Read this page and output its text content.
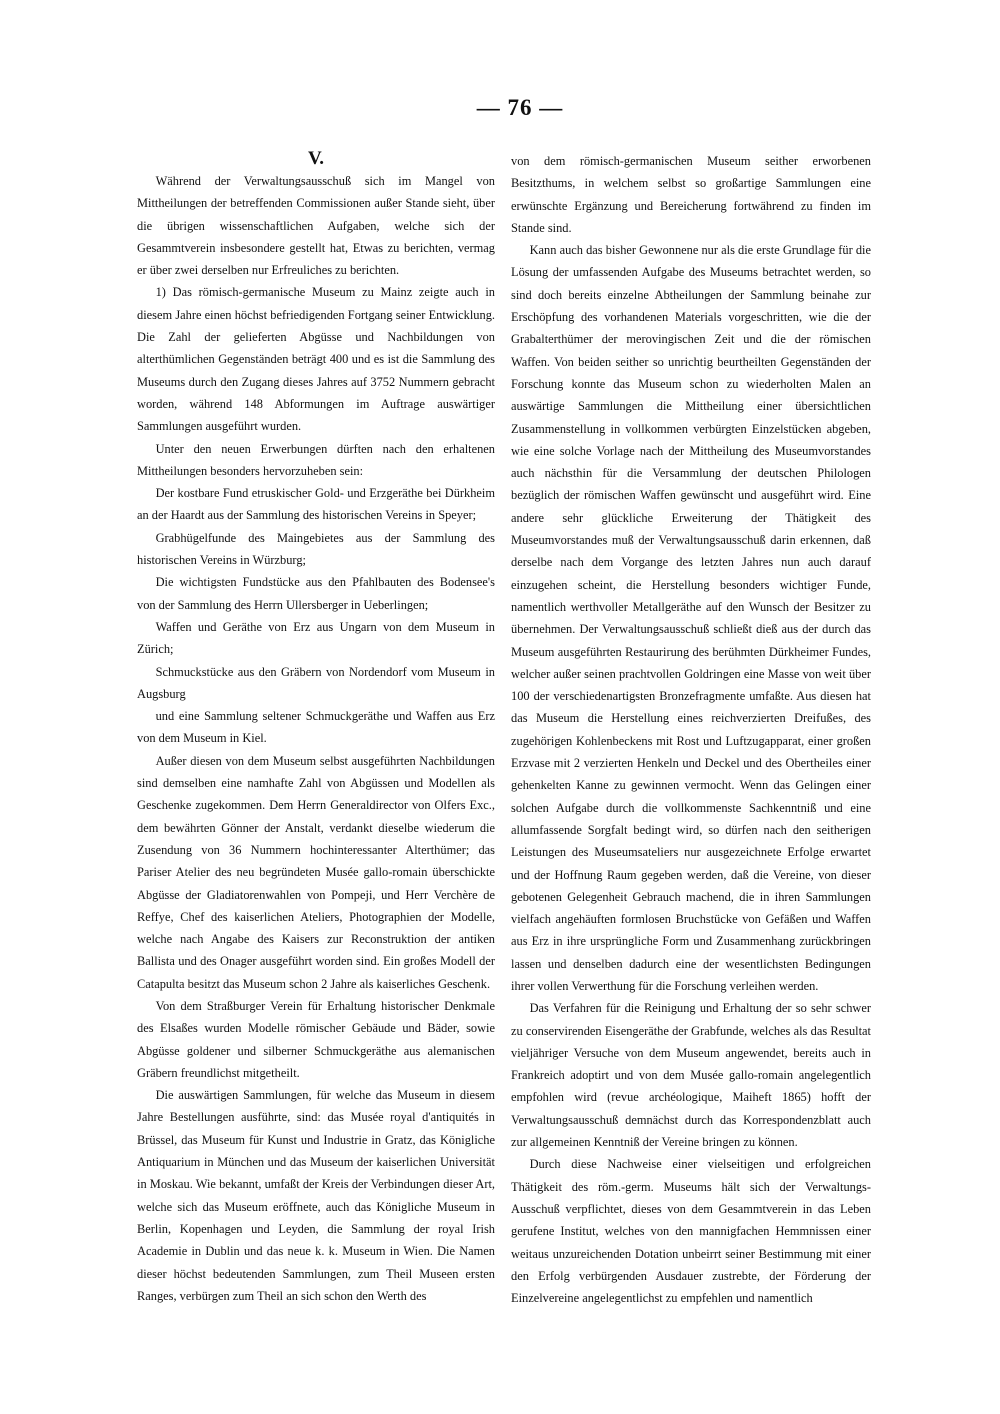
— 76 —
V.

Während der Verwaltungsausschuß sich im Mangel von Mittheilungen der betreffenden Commissionen außer Stande sieht, über die übrigen wissenschaftlichen Aufgaben, welche sich der Gesammtverein insbesondere gestellt hat, Etwas zu berichten, vermag er über zwei derselben nur Erfreuliches zu berichten.

1) Das römisch-germanische Museum zu Mainz zeigte auch in diesem Jahre einen höchst befriedigenden Fortgang seiner Entwicklung. Die Zahl der gelieferten Abgüsse und Nachbildungen von alterthümlichen Gegenständen beträgt 400 und es ist die Sammlung des Museums durch den Zugang dieses Jahres auf 3752 Nummern gebracht worden, während 148 Abformungen im Auftrage auswärtiger Sammlungen ausgeführt wurden.

Unter den neuen Erwerbungen dürften nach den erhaltenen Mittheilungen besonders hervorzuheben sein:

Der kostbare Fund etruskischer Gold- und Erzgeräthe bei Dürkheim an der Haardt aus der Sammlung des historischen Vereins in Speyer;

Grabhügelfunde des Maingebietes aus der Sammlung des historischen Vereins in Würzburg;

Die wichtigsten Fundstücke aus den Pfahlbauten des Bodensee's von der Sammlung des Herrn Ullersberger in Ueberlingen;

Waffen und Geräthe von Erz aus Ungarn von dem Museum in Zürich;

Schmuckstücke aus den Gräbern von Nordendorf vom Museum in Augsburg

und eine Sammlung seltener Schmuckgeräthe und Waffen aus Erz von dem Museum in Kiel.

Außer diesen von dem Museum selbst ausgeführten Nachbildungen sind demselben eine namhafte Zahl von Abgüssen und Modellen als Geschenke zugekommen. Dem Herrn Generaldirector von Olfers Exc., dem bewährten Gönner der Anstalt, verdankt dieselbe wiederum die Zusendung von 36 Nummern hochinteressanter Alterthümer; das Pariser Atelier des neu begründeten Musée gallo-romain überschickte Abgüsse der Gladiatorenwahlen von Pompeji, und Herr Verchère de Reffye, Chef des kaiserlichen Ateliers, Photographien der Modelle, welche nach Angabe des Kaisers zur Reconstruktion der antiken Ballista und des Onager ausgeführt worden sind. Ein großes Modell der Catapulta besitzt das Museum schon 2 Jahre als kaiserliches Geschenk.

Von dem Straßburger Verein für Erhaltung historischer Denkmale des Elsaßes wurden Modelle römischer Gebäude und Bäder, sowie Abgüsse goldener und silberner Schmuckgeräthe aus alemanischen Gräbern freundlichst mitgetheilt.

Die auswärtigen Sammlungen, für welche das Museum in diesem Jahre Bestellungen ausführte, sind: das Musée royal d'antiquités in Brüssel, das Museum für Kunst und Industrie in Gratz, das Königliche Antiquarium in München und das Museum der kaiserlichen Universität in Moskau. Wie bekannt, umfaßt der Kreis der Verbindungen dieser Art, welche sich das Museum eröffnete, auch das Königliche Museum in Berlin, Kopenhagen und Leyden, die Sammlung der royal Irish Academie in Dublin und das neue k. k. Museum in Wien. Die Namen dieser höchst bedeutenden Sammlungen, zum Theil Museen ersten Ranges, verbürgen zum Theil an sich schon den Werth des

von dem römisch-germanischen Museum seither erworbenen Besitzthums, in welchem selbst so großartige Sammlungen eine erwünschte Ergänzung und Bereicherung fortwährend zu finden im Stande sind.

Kann auch das bisher Gewonnene nur als die erste Grundlage für die Lösung der umfassenden Aufgabe des Museums betrachtet werden, so sind doch bereits einzelne Abtheilungen der Sammlung beinahe zur Erschöpfung des vorhandenen Materials vorgeschritten, wie die der Grabalterthümer der merovingischen Zeit und die der römischen Waffen. Von beiden seither so unrichtig beurtheilten Gegenständen der Forschung konnte das Museum schon zu wiederholten Malen an auswärtige Sammlungen die Mittheilung einer übersichtlichen Zusammenstellung in vollkommen verbürgten Einzelstücken abgeben, wie eine solche Vorlage nach der Mittheilung des Museumvorstandes auch nächsthin für die Versammlung der deutschen Philologen bezüglich der römischen Waffen gewünscht und ausgeführt wird. Eine andere sehr glückliche Erweiterung der Thätigkeit des Museumvorstandes muß der Verwaltungsausschuß darin erkennen, daß derselbe nach dem Vorgange des letzten Jahres nun auch darauf einzugehen scheint, die Herstellung besonders wichtiger Funde, namentlich werthvoller Metallgeräthe auf den Wunsch der Besitzer zu übernehmen. Der Verwaltungsausschuß schließt dieß aus der durch das Museum ausgeführten Restaurirung des berühmten Dürkheimer Fundes, welcher außer seinen prachtvollen Goldringen eine Masse von weit über 100 der verschiedenartigsten Bronzefragmente umfaßte. Aus diesen hat das Museum die Herstellung eines reichverzierten Dreifußes, des zugehörigen Kohlenbeckens mit Rost und Luftzugapparat, einer großen Erzvase mit 2 verzierten Henkeln und Deckel und des Obertheiles einer gehenkelten Kanne zu gewinnen vermocht. Wenn das Gelingen einer solchen Aufgabe durch die vollkommenste Sachkenntniß und eine allumfassende Sorgfalt bedingt wird, so dürfen nach den seitherigen Leistungen des Museumsateliers nur ausgezeichnete Erfolge erwartet und der Hoffnung Raum gegeben werden, daß die Vereine, von dieser gebotenen Gelegenheit Gebrauch machend, die in ihren Sammlungen vielfach angehäuften formlosen Bruchstücke von Gefäßen und Waffen aus Erz in ihre ursprüngliche Form und Zusammenhang zurückbringen lassen und denselben dadurch eine der wesentlichsten Bedingungen ihrer vollen Verwerthung für die Forschung verleihen werden.

Das Verfahren für die Reinigung und Erhaltung der so sehr schwer zu conservirenden Eisengeräthe der Grabfunde, welches als das Resultat vieljähriger Versuche von dem Museum angewendet, bereits auch in Frankreich adoptirt und von dem Musée gallo-romain angelegentlich empfohlen wird (revue archéologique, Maiheft 1865) hofft der Verwaltungsausschuß demnächst durch das Korrespondenzblatt auch zur allgemeinen Kenntniß der Vereine bringen zu können.

Durch diese Nachweise einer vielseitigen und erfolgreichen Thätigkeit des röm.-germ. Museums hält sich der Verwaltungs-Ausschuß verpflichtet, dieses von dem Gesammtverein in das Leben gerufene Institut, welches von den mannigfachen Hemmnissen einer weitaus unzureichenden Dotation unbeirrt seiner Bestimmung mit einer den Erfolg verbürgenden Ausdauer zustrebte, der Förderung der Einzelvereine angelegentlichst zu empfehlen und namentlich
